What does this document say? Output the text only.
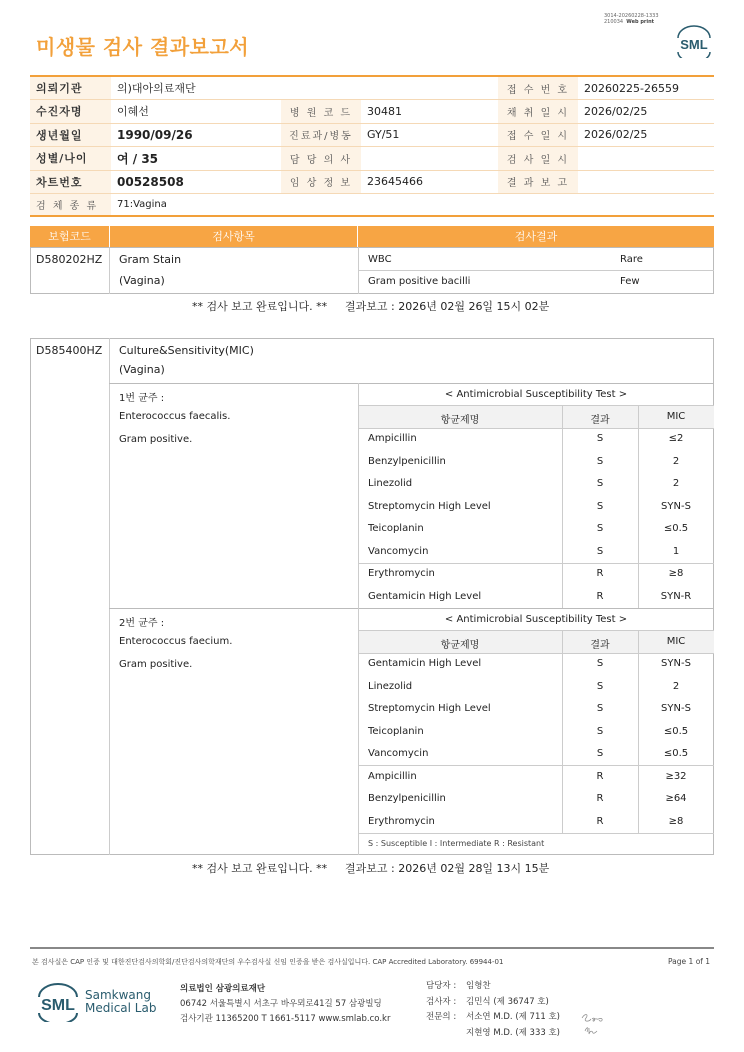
미생물 검사 결과보고서
3014-20260228-1333
210034 Web print
SML
의뢰기관	의)대아의료재단			접 수 번 호	20260225-26559
수진자명	이혜선	병 원 코 드	30481	채 취 일 시	2026/02/25
생년월일	1990/09/26	진료과/병동	GY/51	접 수 일 시	2026/02/25
성별/나이	여 / 35	담 당 의 사		검 사 일 시	
차트번호	00528508	임 상 정 보	23645466	결 과 보 고	
검 체 종 류	71:Vagina				
보험코드	검사항목	검사결과
D580202HZ Gram Stain
(Vagina)
WBC	Rare
Gram positive bacilli	Few
** 검사 보고 완료입니다. ** 결과보고 : 2026년 02월 26일 15시 02분
D585400HZ Culture&Sensitivity(MIC)
(Vagina)
1번 균주 :
Enterococcus faecalis.
Gram positive.
< Antimicrobial Susceptibility Test >
항균제명	결과	MIC
Ampicillin	S	≤2
Benzylpenicillin	S	2
Linezolid	S	2
Streptomycin High Level	S	SYN-S
Teicoplanin	S	≤0.5
Vancomycin	S	1
Erythromycin	R	≥8
Gentamicin High Level	R	SYN-R
2번 균주 :
Enterococcus faecium.
Gram positive.
< Antimicrobial Susceptibility Test >
항균제명	결과	MIC
Gentamicin High Level	S	SYN-S
Linezolid	S	2
Streptomycin High Level	S	SYN-S
Teicoplanin	S	≤0.5
Vancomycin	S	≤0.5
Ampicillin	R	≥32
Benzylpenicillin	R	≥64
Erythromycin	R	≥8
S : Susceptible I : Intermediate R : Resistant
** 검사 보고 완료입니다. ** 결과보고 : 2026년 02월 28일 13시 15분
본 검사실은 CAP 인증 및 대한진단검사의학회/진단검사의학재단의 우수검사실 신임 인증을 받은 검사실입니다. CAP Accredited Laboratory. 69944-01	Page 1 of 1
SML
Samkwang
Medical Lab
의료법인 삼광의료재단
06742 서울특별시 서초구 바우뫼로41길 57 삼광빌딩
검사기관 11365200 T 1661-5117 www.smlab.co.kr
담당자 : 임형찬
검사자 : 김민식 (제 36747 호)
전문의 : 서소연 M.D. (제 711 호)
지현영 M.D. (제 333 호)
